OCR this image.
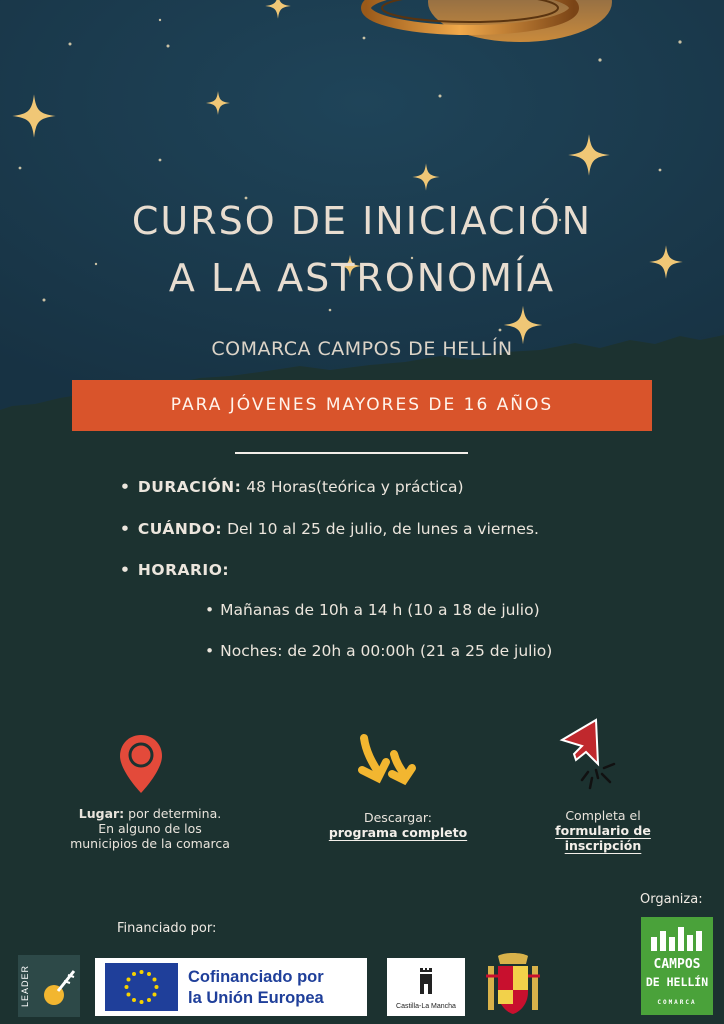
CURSO DE INICIACIÓN
A LA ASTRONOMÍA
COMARCA CAMPOS DE HELLÍN
PARA JÓVENES MAYORES DE 16 AÑOS
• DURACIÓN: 48 Horas(teórica y práctica)
• CUÁNDO: Del 10 al 25 de julio, de lunes a viernes.
• HORARIO:
• Mañanas de 10h a 14 h (10 a 18 de julio)
• Noches: de 20h a 00:00h (21 a 25 de julio)
Lugar: por determina.
En alguno de los
municipios de la comarca
Descargar:
programa completo
Completa el
formulario de
inscripción
Financiado por:
Organiza:
LEADER	Cofinanciado por
la Unión Europea	Castilla-La Mancha
CAMPOS
DE HELLÍN
COMARCA
